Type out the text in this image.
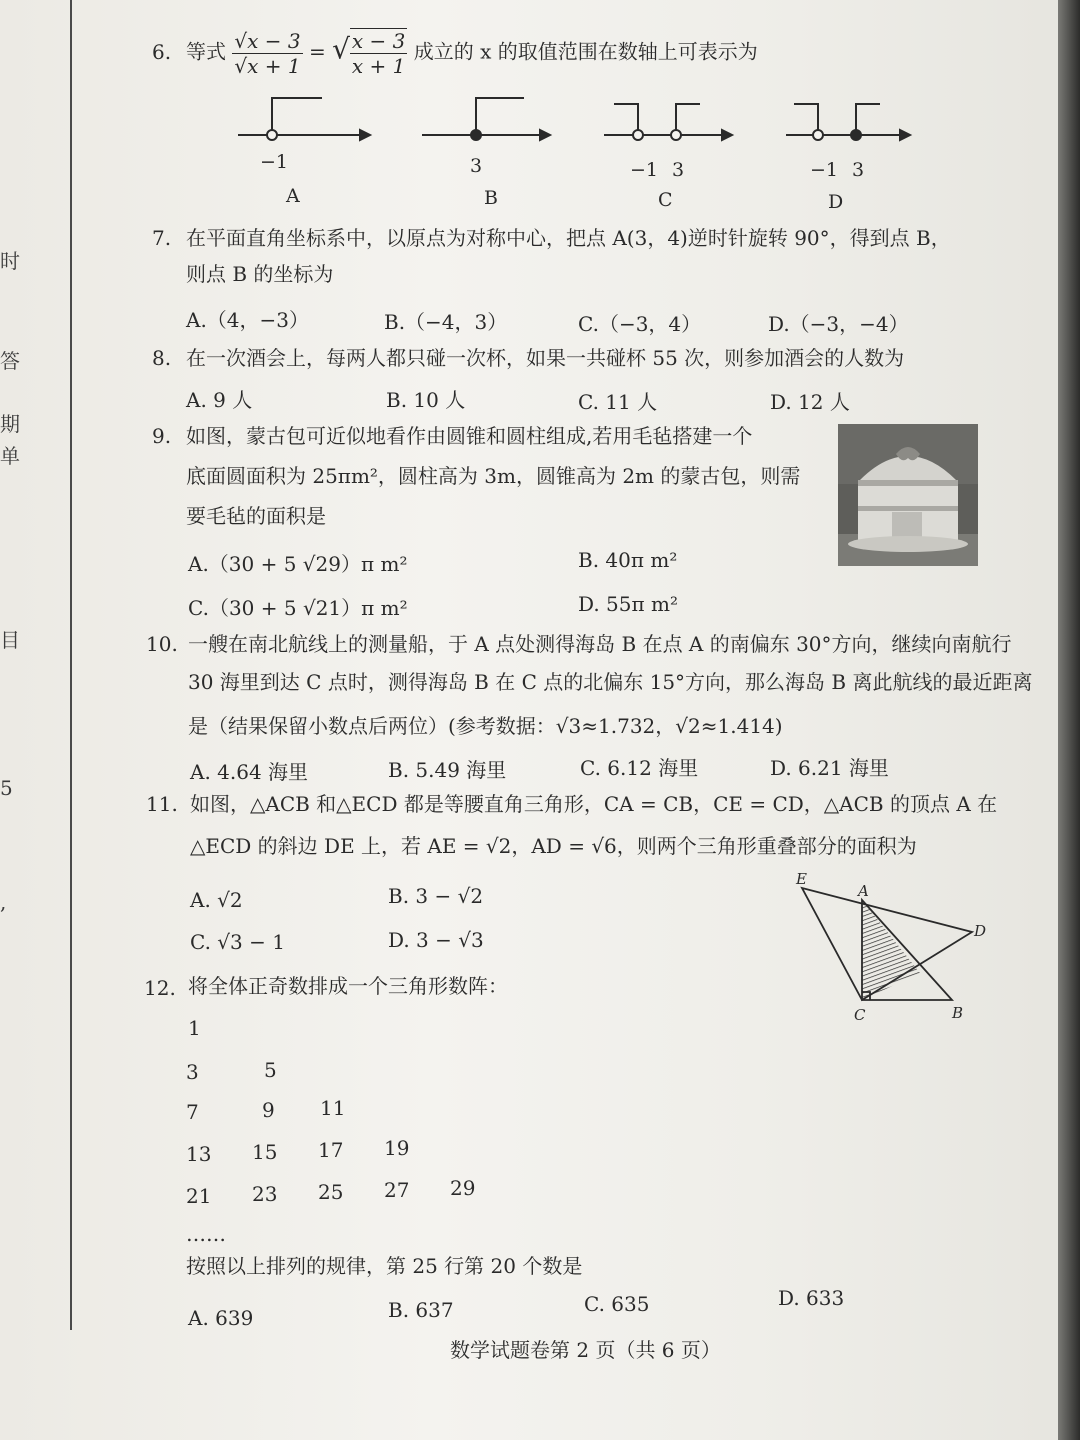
时
答
期
单
目
5
,
6. 等式 $\frac{√x - 3}{√x + 1}$ = √ $\frac{x - 3}{x + 1}$ 成立的 x 的取值范围在数轴上可表示为
−1
A
3
B
−1 3
C
−1 3
D
7. 在平面直角坐标系中，以原点为对称中心，把点 A(3，4)逆时针旋转 90°，得到点 B，
则点 B 的坐标为
A.（4，−3）	B.（−4，3）	C.（−3，4）	D.（−3，−4）
8. 在一次酒会上，每两人都只碰一次杯，如果一共碰杯 55 次，则参加酒会的人数为
A. 9 人	B. 10 人	C. 11 人	D. 12 人
9. 如图，蒙古包可近似地看作由圆锥和圆柱组成,若用毛毡搭建一个
底面圆面积为 25πm²，圆柱高为 3m，圆锥高为 2m 的蒙古包，则需
要毛毡的面积是
A.（30 + 5 √29）π m²	B. 40π m²
C.（30 + 5 √21）π m²	D. 55π m²
10. 一艘在南北航线上的测量船，于 A 点处测得海岛 B 在点 A 的南偏东 30°方向，继续向南航行
30 海里到达 C 点时，测得海岛 B 在 C 点的北偏东 15°方向，那么海岛 B 离此航线的最近距离
是（结果保留小数点后两位）(参考数据：√3≈1.732，√2≈1.414)
A. 4.64 海里	B. 5.49 海里	C. 6.12 海里	D. 6.21 海里
11. 如图，△ACB 和△ECD 都是等腰直角三角形，CA = CB，CE = CD，△ACB 的顶点 A 在
△ECD 的斜边 DE 上，若 AE = √2，AD = √6，则两个三角形重叠部分的面积为
A. √2	B. 3 − √2
C. √3 − 1	D. 3 − √3
E
A
D
C	B
12. 将全体正奇数排成一个三角形数阵：
1
3	5
7	9 11
13 15 17 19
21 23 25 27 29
……
按照以上排列的规律，第 25 行第 20 个数是
A. 639	B. 637	C. 635	D. 633
数学试题卷第 2 页（共 6 页）
